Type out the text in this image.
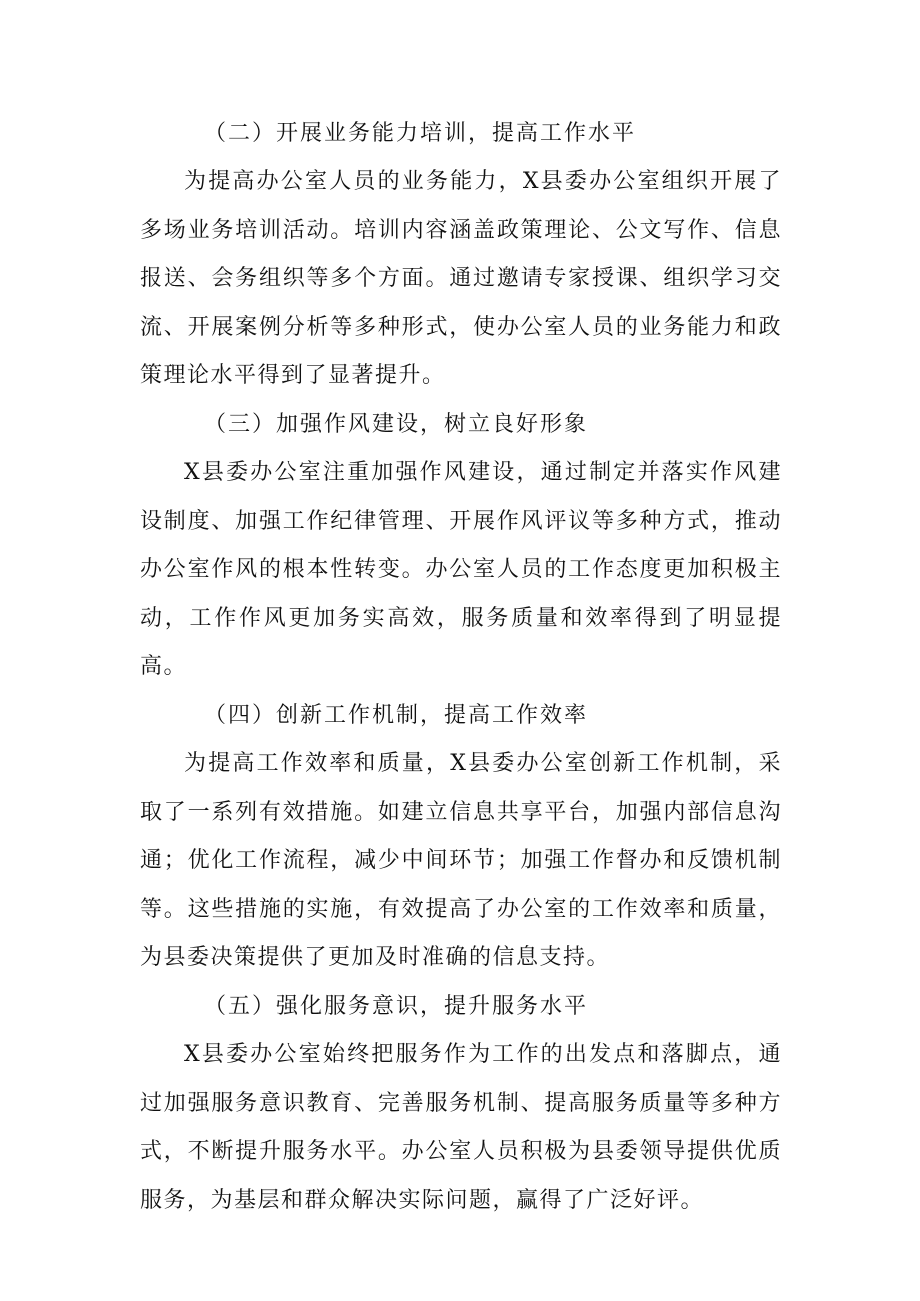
（二）开展业务能力培训，提高工作水平

为提高办公室人员的业务能力，X县委办公室组织开展了多场业务培训活动。培训内容涵盖政策理论、公文写作、信息报送、会务组织等多个方面。通过邀请专家授课、组织学习交流、开展案例分析等多种形式，使办公室人员的业务能力和政策理论水平得到了显著提升。

（三）加强作风建设，树立良好形象

X县委办公室注重加强作风建设，通过制定并落实作风建设制度、加强工作纪律管理、开展作风评议等多种方式，推动办公室作风的根本性转变。办公室人员的工作态度更加积极主动，工作作风更加务实高效，服务质量和效率得到了明显提高。

（四）创新工作机制，提高工作效率

为提高工作效率和质量，X县委办公室创新工作机制，采取了一系列有效措施。如建立信息共享平台，加强内部信息沟通；优化工作流程，减少中间环节；加强工作督办和反馈机制等。这些措施的实施，有效提高了办公室的工作效率和质量，为县委决策提供了更加及时准确的信息支持。

（五）强化服务意识，提升服务水平

X县委办公室始终把服务作为工作的出发点和落脚点，通过加强服务意识教育、完善服务机制、提高服务质量等多种方式，不断提升服务水平。办公室人员积极为县委领导提供优质服务，为基层和群众解决实际问题，赢得了广泛好评。
